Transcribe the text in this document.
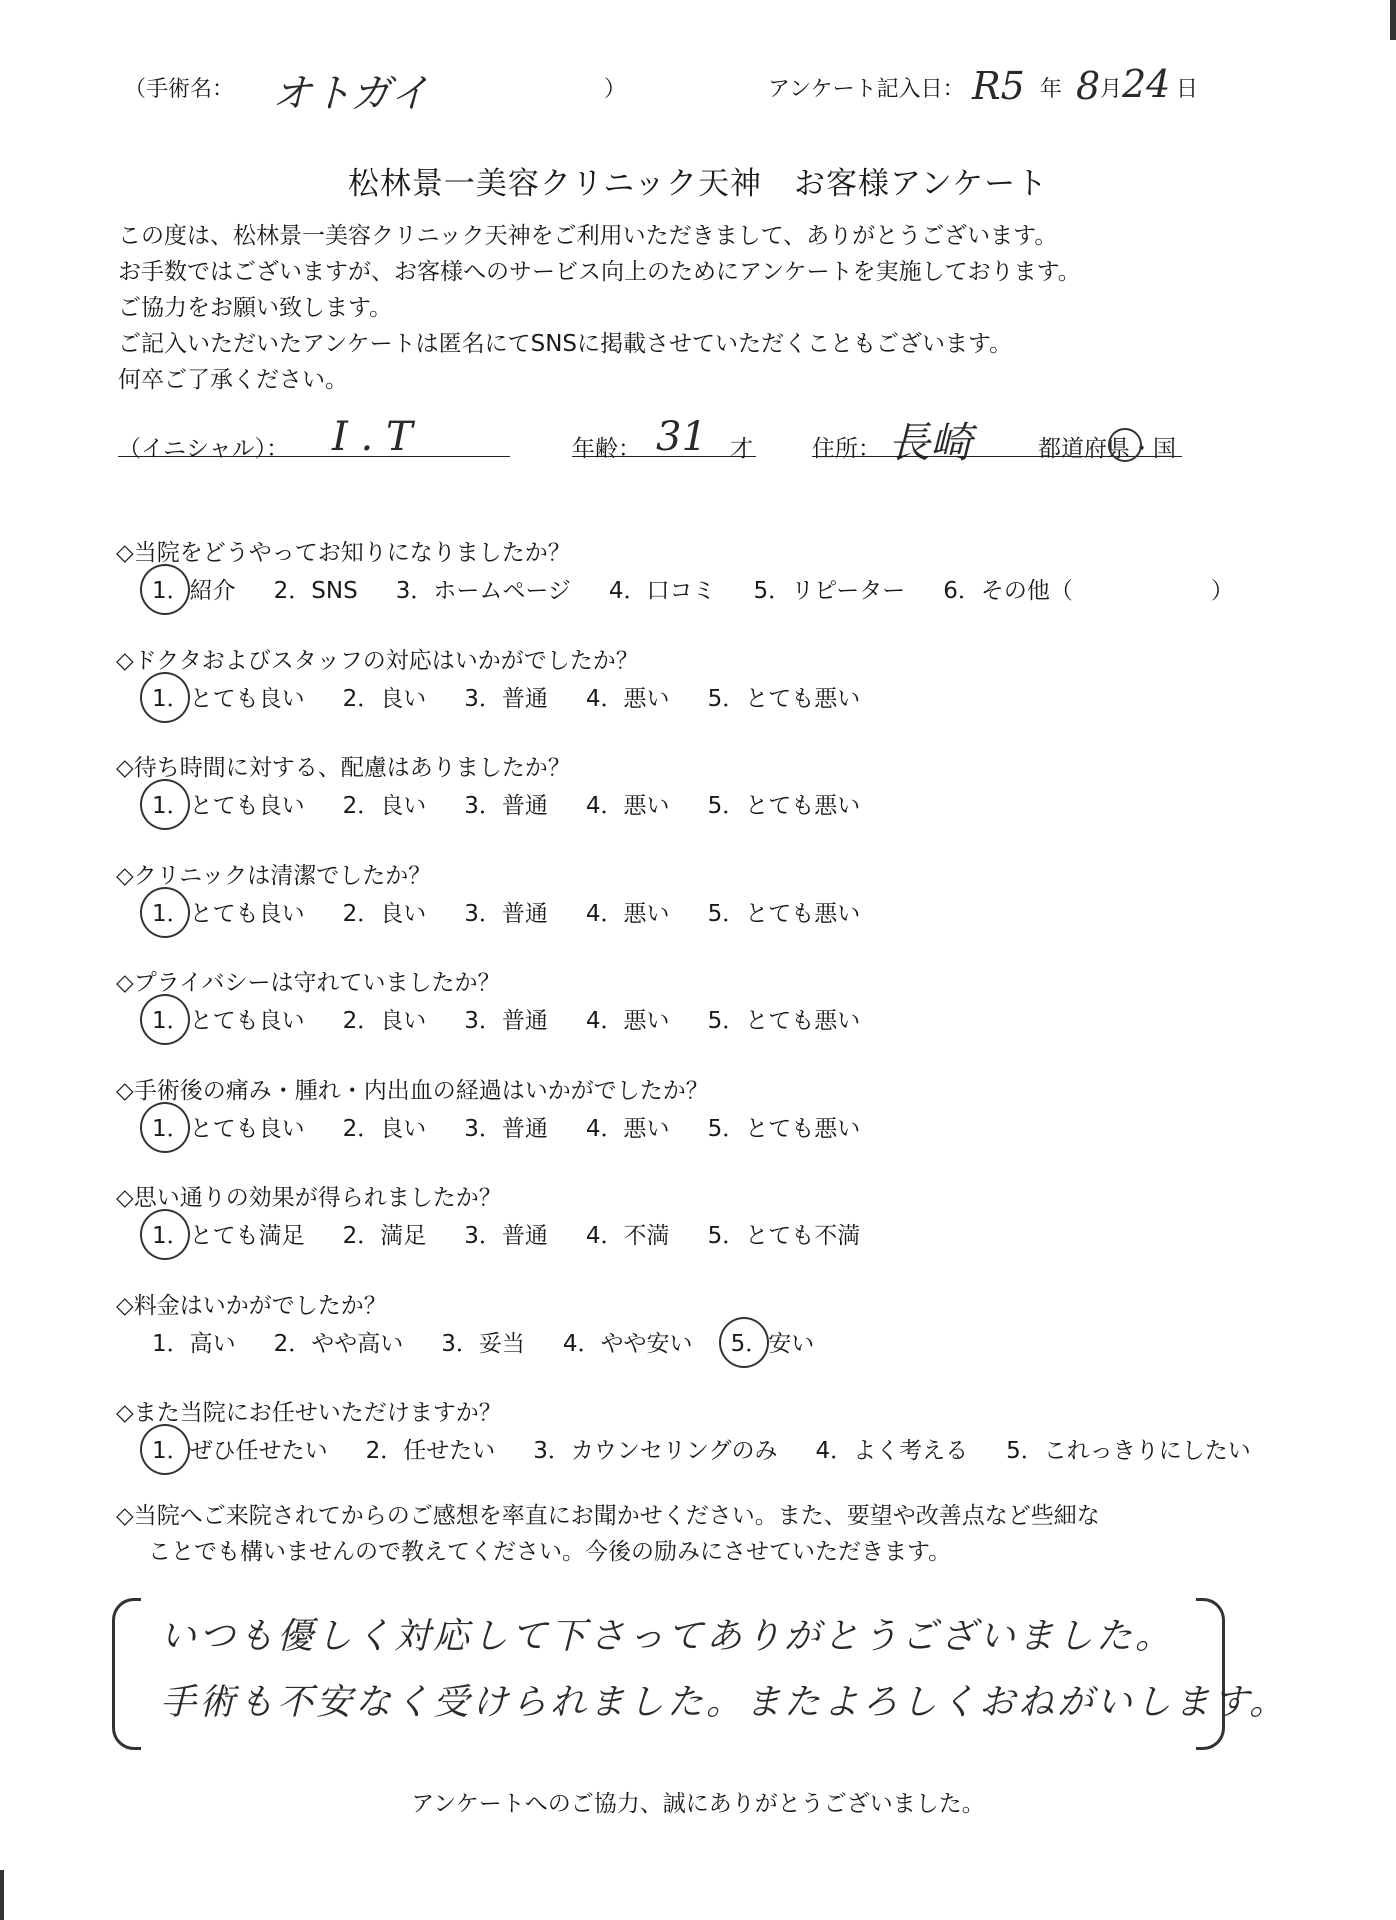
（手術名： オトガイ	）	アンケート記入日： R5 年 8 月 24 日
松林景一美容クリニック天神　お客様アンケート
この度は、松林景一美容クリニック天神をご利用いただきまして、ありがとうございます。
お手数ではございますが、お客様へのサービス向上のためにアンケートを実施しております。
ご協力をお願い致します。
ご記入いただいたアンケートは匿名にてSNSに掲載させていただくこともございます。
何卒ご了承ください。
（イニシャル）： I . T	年齢： 31 才	住所： 長崎	都道府県・国
◇当院をどうやってお知りになりましたか？
1．紹介 2．SNS 3．ホームページ 4．口コミ 5．リピーター 6．その他（　　　　　　）
◇ドクタおよびスタッフの対応はいかがでしたか？
1．とても良い 2．良い 3．普通 4．悪い 5．とても悪い
◇待ち時間に対する、配慮はありましたか？
1．とても良い 2．良い 3．普通 4．悪い 5．とても悪い
◇クリニックは清潔でしたか？
1．とても良い 2．良い 3．普通 4．悪い 5．とても悪い
◇プライバシーは守れていましたか？
1．とても良い 2．良い 3．普通 4．悪い 5．とても悪い
◇手術後の痛み・腫れ・内出血の経過はいかがでしたか？
1．とても良い 2．良い 3．普通 4．悪い 5．とても悪い
◇思い通りの効果が得られましたか？
1．とても満足 2．満足 3．普通 4．不満 5．とても不満
◇料金はいかがでしたか？
1．高い 2．やや高い 3．妥当 4．やや安い 5．安い
◇また当院にお任せいただけますか？
1．ぜひ任せたい 2．任せたい 3．カウンセリングのみ 4．よく考える 5．これっきりにしたい
◇当院へご来院されてからのご感想を率直にお聞かせください。また、要望や改善点など些細な
ことでも構いませんので教えてください。今後の励みにさせていただきます。
いつも優しく対応して下さってありがとうございました。
手術も不安なく受けられました。またよろしくおねがいします。
アンケートへのご協力、誠にありがとうございました。
